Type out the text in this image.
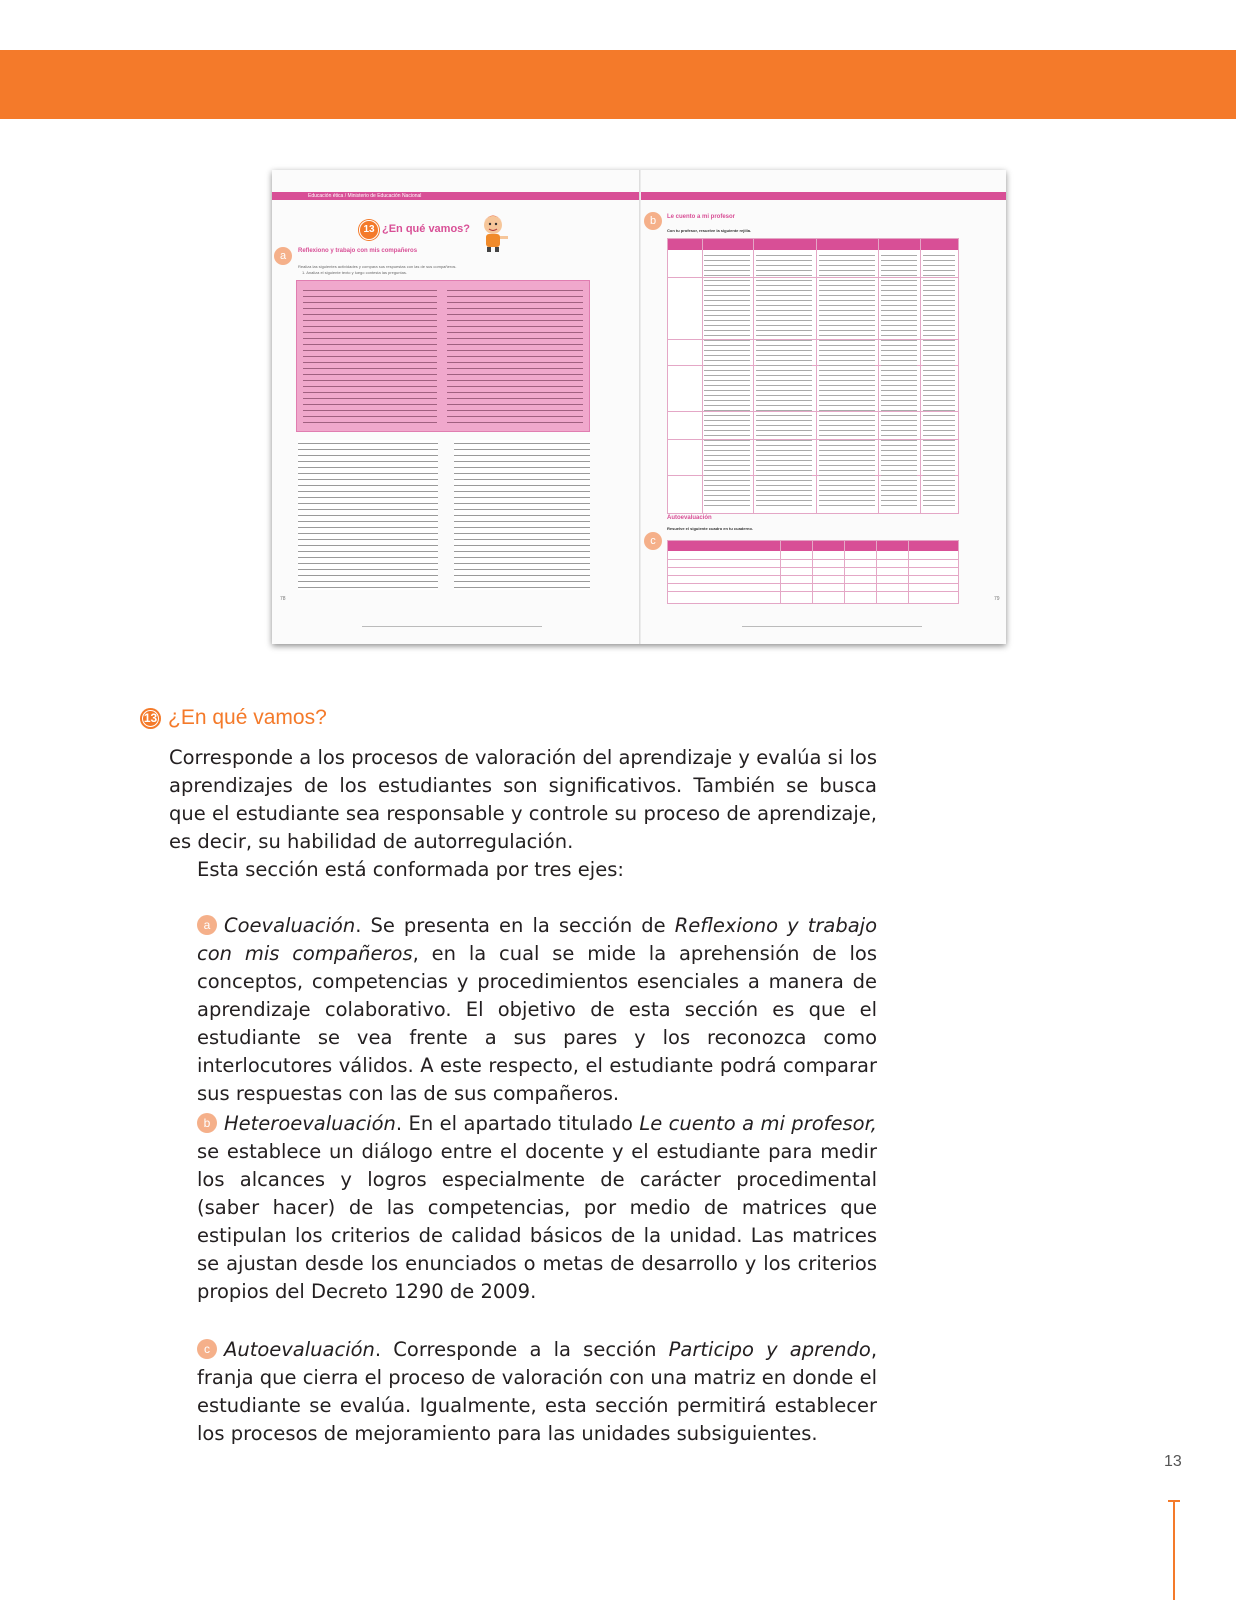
Educación ética / Ministerio de Educación Nacional
13 ¿En qué vamos?
a	Reflexiono y trabajo con mis compañeros
Realiza las siguientes actividades y compara sus respuestas con las de sus compañeros.
1. Analiza el siguiente texto y luego contesta las preguntas.
78
b	Le cuento a mi profesor
Con tu profesor, resuelve la siguiente rejilla.
c
Autoevaluación
Resuelve el siguiente cuadro en tu cuaderno.
79
13 ¿En qué vamos?

Corresponde a los procesos de valoración del aprendizaje y evalúa si los aprendizajes de los estudiantes son significativos. También se busca que el estudiante sea responsable y controle su proceso de aprendizaje, es decir, su habilidad de autorregulación.

Esta sección está conformada por tres ejes:

a Coevaluación. Se presenta en la sección de Reflexiono y trabajo con mis compañeros, en la cual se mide la aprehensión de los conceptos, competencias y procedimientos esenciales a manera de aprendizaje colaborativo. El objetivo de esta sección es que el estudiante se vea frente a sus pares y los reconozca como interlocutores válidos. A este respecto, el estudiante podrá comparar sus respuestas con las de sus compañeros.

b Heteroevaluación. En el apartado titulado Le cuento a mi profesor, se establece un diálogo entre el docente y el estudiante para medir los alcances y logros especialmente de carácter procedimental (saber hacer) de las competencias, por medio de matrices que estipulan los criterios de calidad básicos de la unidad. Las matrices se ajustan desde los enunciados o metas de desarrollo y los criterios propios del Decreto 1290 de 2009.

c Autoevaluación. Corresponde a la sección Participo y aprendo, franja que cierra el proceso de valoración con una matriz en donde el estudiante se evalúa. Igualmente, esta sección permitirá establecer los procesos de mejoramiento para las unidades subsiguientes.

13
